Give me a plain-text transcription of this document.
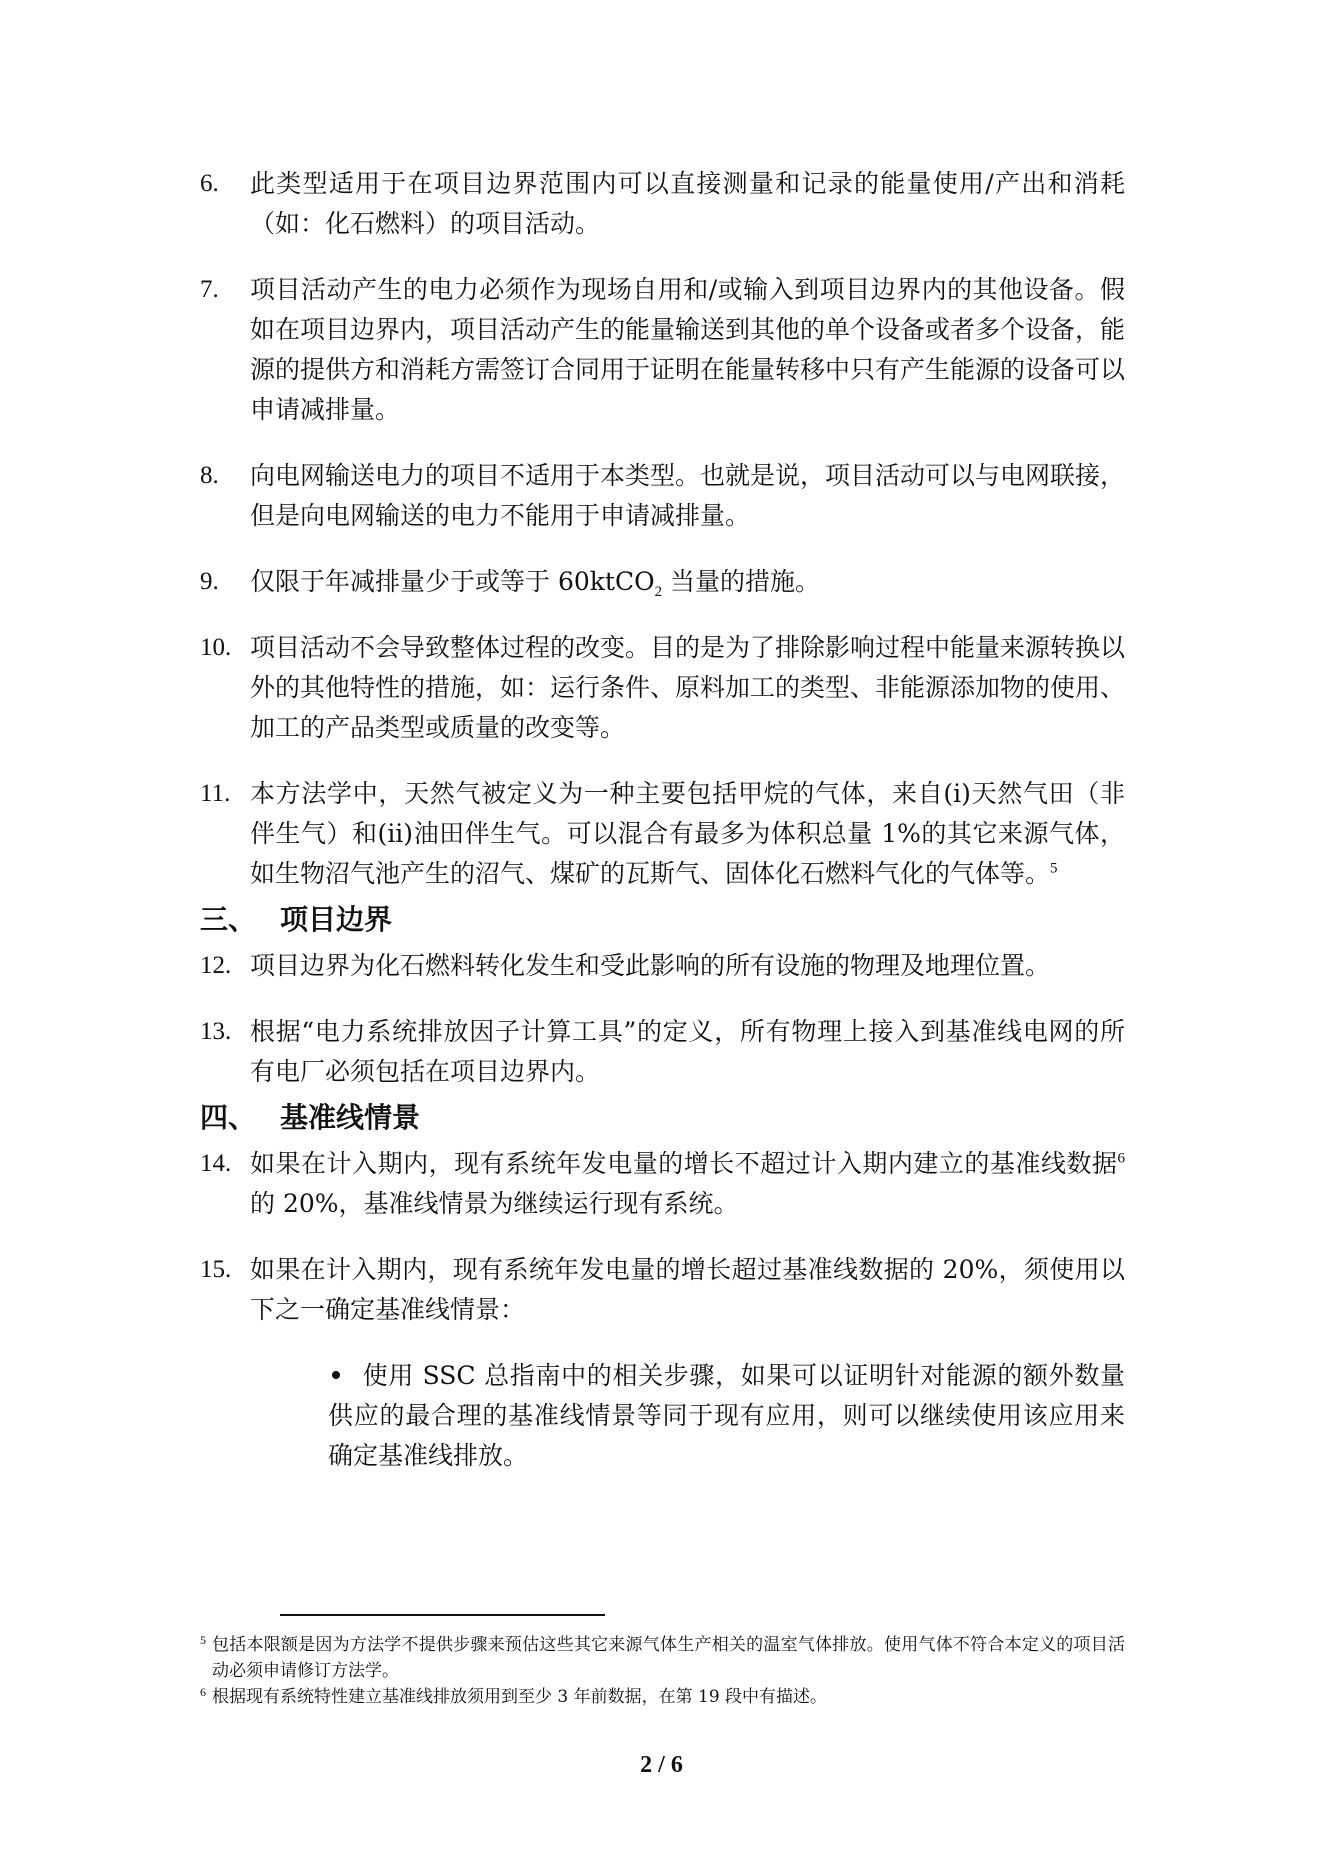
6. 此类型适用于在项目边界范围内可以直接测量和记录的能量使用/产出和消耗（如：化石燃料）的项目活动。
7. 项目活动产生的电力必须作为现场自用和/或输入到项目边界内的其他设备。假如在项目边界内，项目活动产生的能量输送到其他的单个设备或者多个设备，能源的提供方和消耗方需签订合同用于证明在能量转移中只有产生能源的设备可以申请减排量。
8. 向电网输送电力的项目不适用于本类型。也就是说，项目活动可以与电网联接，但是向电网输送的电力不能用于申请减排量。
9. 仅限于年减排量少于或等于 60ktCO$_2$ 当量的措施。
10. 项目活动不会导致整体过程的改变。目的是为了排除影响过程中能量来源转换以外的其他特性的措施，如：运行条件、原料加工的类型、非能源添加物的使用、加工的产品类型或质量的改变等。
11. 本方法学中，天然气被定义为一种主要包括甲烷的气体，来自(i)天然气田（非伴生气）和(ii)油田伴生气。可以混合有最多为体积总量 1%的其它来源气体，如生物沼气池产生的沼气、煤矿的瓦斯气、固体化石燃料气化的气体等。$^5$
三、 项目边界
12. 项目边界为化石燃料转化发生和受此影响的所有设施的物理及地理位置。
13. 根据“电力系统排放因子计算工具”的定义，所有物理上接入到基准线电网的所有电厂必须包括在项目边界内。
四、 基准线情景
14. 如果在计入期内，现有系统年发电量的增长不超过计入期内建立的基准线数据$^6$的 20%，基准线情景为继续运行现有系统。
15. 如果在计入期内，现有系统年发电量的增长超过基准线数据的 20%，须使用以下之一确定基准线情景：
使用 SSC 总指南中的相关步骤，如果可以证明针对能源的额外数量供应的最合理的基准线情景等同于现有应用，则可以继续使用该应用来确定基准线排放。
5 包括本限额是因为方法学不提供步骤来预估这些其它来源气体生产相关的温室气体排放。使用气体不符合本定义的项目活动必须申请修订方法学。
6 根据现有系统特性建立基准线排放须用到至少 3 年前数据，在第 19 段中有描述。
2 / 6
